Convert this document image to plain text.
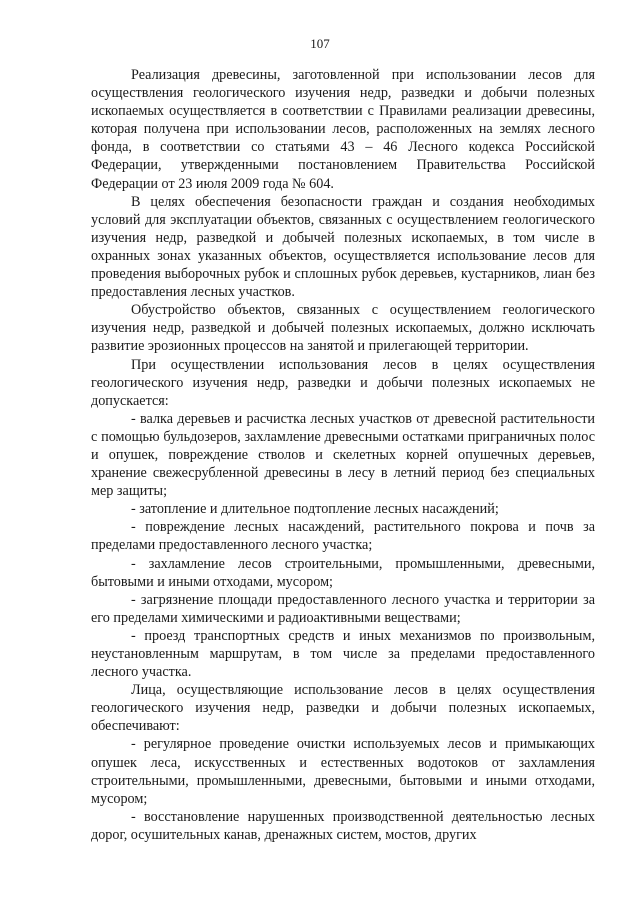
107

Реализация древесины, заготовленной при использовании лесов для осуществления геологического изучения недр, разведки и добычи полезных ископаемых осуществляется в соответствии с Правилами реализации древесины, которая получена при использовании лесов, расположенных на землях лесного фонда, в соответствии со статьями 43 – 46 Лесного кодекса Российской Федерации, утвержденными постановлением Правительства Российской Федерации от 23 июля 2009 года № 604.

В целях обеспечения безопасности граждан и создания необходимых условий для эксплуатации объектов, связанных с осуществлением геологического изучения недр, разведкой и добычей полезных ископаемых, в том числе в охранных зонах указанных объектов, осуществляется использование лесов для проведения выборочных рубок и сплошных рубок деревьев, кустарников, лиан без предоставления лесных участков.

Обустройство объектов, связанных с осуществлением геологического изучения недр, разведкой и добычей полезных ископаемых, должно исключать развитие эрозионных процессов на занятой и прилегающей территории.

При осуществлении использования лесов в целях осуществления геологического изучения недр, разведки и добычи полезных ископаемых не допускается:

- валка деревьев и расчистка лесных участков от древесной растительности с помощью бульдозеров, захламление древесными остатками приграничных полос и опушек, повреждение стволов и скелетных корней опушечных деревьев, хранение свежесрубленной древесины в лесу в летний период без специальных мер защиты;

- затопление и длительное подтопление лесных насаждений;

- повреждение лесных насаждений, растительного покрова и почв за пределами предоставленного лесного участка;

- захламление лесов строительными, промышленными, древесными, бытовыми и иными отходами, мусором;

- загрязнение площади предоставленного лесного участка и территории за его пределами химическими и радиоактивными веществами;

- проезд транспортных средств и иных механизмов по произвольным, неустановленным маршрутам, в том числе за пределами предоставленного лесного участка.

Лица, осуществляющие использование лесов в целях осуществления геологического изучения недр, разведки и добычи полезных ископаемых, обеспечивают:

- регулярное проведение очистки используемых лесов и примыкающих опушек леса, искусственных и естественных водотоков от захламления строительными, промышленными, древесными, бытовыми и иными отходами, мусором;

- восстановление нарушенных производственной деятельностью лесных дорог, осушительных канав, дренажных систем, мостов, других
